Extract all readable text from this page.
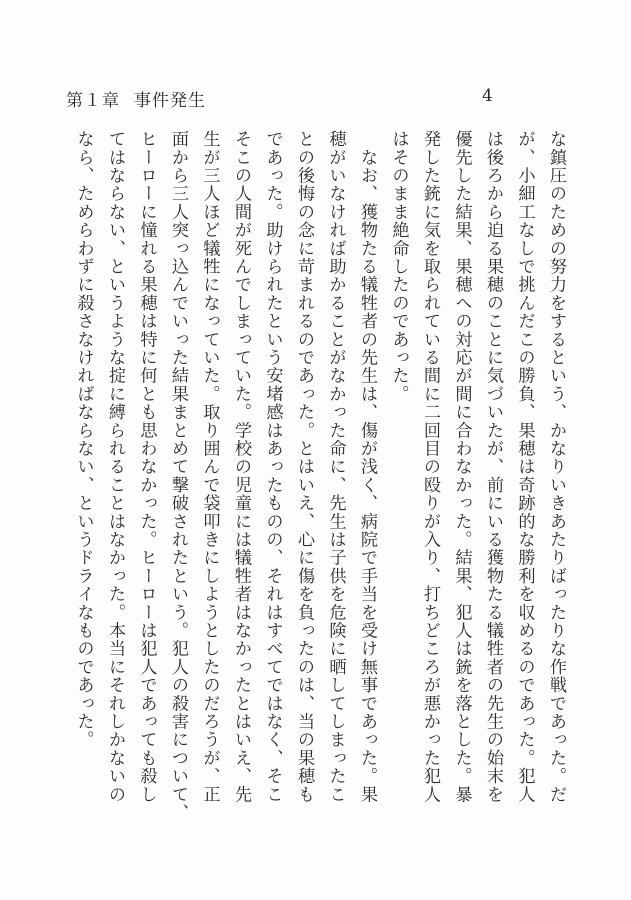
第１章 事件発生	4

な鎮圧のための努力をするという、かなりいきあたりばったりな作戦であった。だ

が、小細工なしで挑んだこの勝負、果穂は奇跡的な勝利を収めるのであった。犯人

は後ろから迫る果穂のことに気づいたが、前にいる獲物たる犠牲者の先生の始末を

優先した結果、果穂への対応が間に合わなかった。結果、犯人は銃を落とした。暴

発した銃に気を取られている間に二回目の殴りが入り、打ちどころが悪かった犯人

はそのまま絶命したのであった。

　なお、獲物たる犠牲者の先生は、傷が浅く、病院で手当を受け無事であった。果

穂がいなければ助かることがなかった命に、先生は子供を危険に晒してしまったこ

との後悔の念に苛まれるのであった。とはいえ、心に傷を負ったのは、当の果穂も

であった。助けられたという安堵感はあったものの、それはすべてではなく、そこ

そこの人間が死んでしまっていた。学校の児童には犠牲者はなかったとはいえ、先

生が三人ほど犠牲になっていた。取り囲んで袋叩きにしようとしたのだろうが、正

面から三人突っ込んでいった結果まとめて撃破されたという。犯人の殺害について、

ヒーローに憧れる果穂は特に何とも思わなかった。ヒーローは犯人であっても殺し

てはならない、というような掟に縛られることはなかった。本当にそれしかないの

なら、ためらわずに殺さなければならない、というドライなものであった。
